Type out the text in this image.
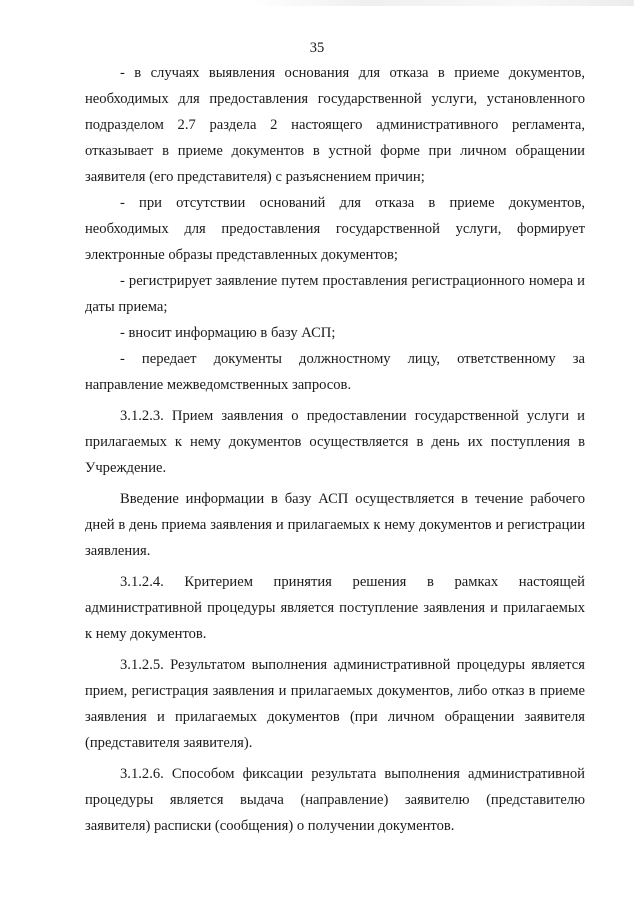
35

- в случаях выявления основания для отказа в приеме документов, необходимых для предоставления государственной услуги, установленного подразделом 2.7 раздела 2 настоящего административного регламента, отказывает в приеме документов в устной форме при личном обращении заявителя (его представителя) с разъяснением причин;

- при отсутствии оснований для отказа в приеме документов, необходимых для предоставления государственной услуги, формирует электронные образы представленных документов;

- регистрирует заявление путем проставления регистрационного номера и даты приема;

- вносит информацию в базу АСП;

- передает документы должностному лицу, ответственному за направление межведомственных запросов.

3.1.2.3. Прием заявления о предоставлении государственной услуги и прилагаемых к нему документов осуществляется в день их поступления в Учреждение.

Введение информации в базу АСП осуществляется в течение рабочего дней в день приема заявления и прилагаемых к нему документов и регистрации заявления.

3.1.2.4. Критерием принятия решения в рамках настоящей административной процедуры является поступление заявления и прилагаемых к нему документов.

3.1.2.5. Результатом выполнения административной процедуры является прием, регистрация заявления и прилагаемых документов, либо отказ в приеме заявления и прилагаемых документов (при личном обращении заявителя (представителя заявителя).

3.1.2.6. Способом фиксации результата выполнения административной процедуры является выдача (направление) заявителю (представителю заявителя) расписки (сообщения) о получении документов.
